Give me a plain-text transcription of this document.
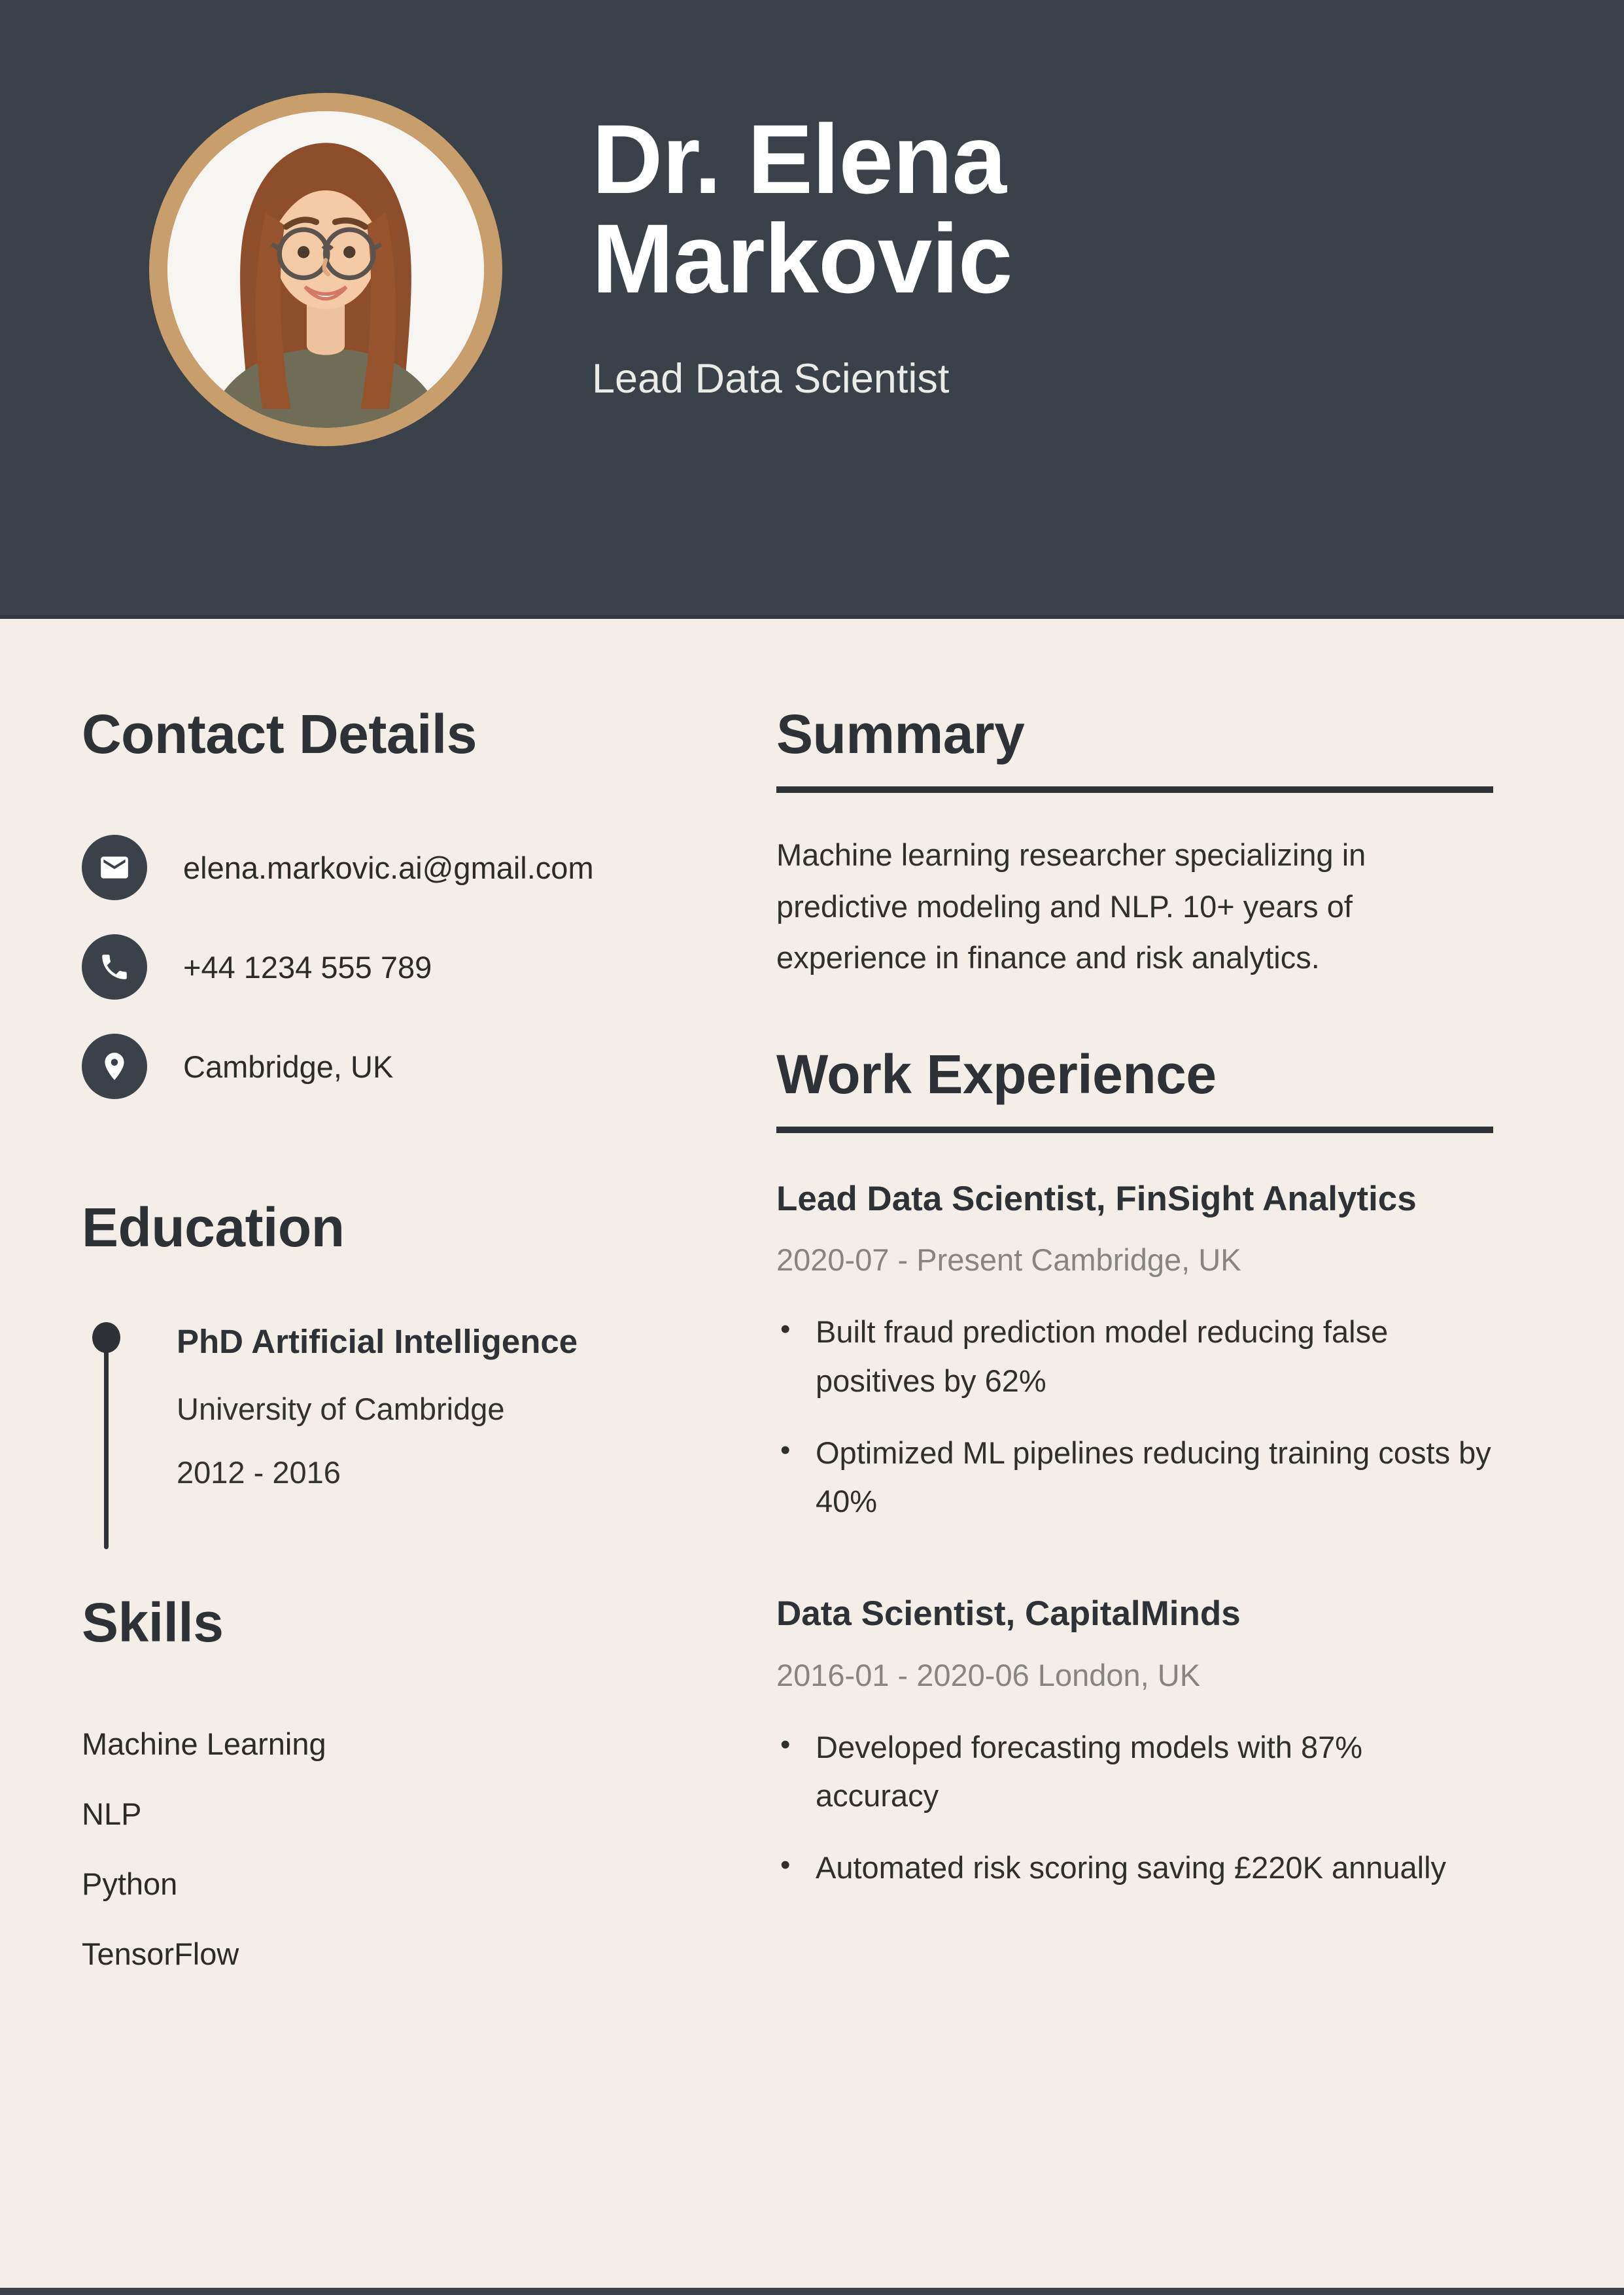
Dr. Elena
Markovic
Lead Data Scientist
Contact Details
elena.markovic.ai@gmail.com
+44 1234 555 789
Cambridge, UK
Education
PhD Artificial Intelligence
University of Cambridge
2012 - 2016
Skills
Machine Learning
NLP
Python
TensorFlow
Summary

Machine learning researcher specializing in predictive modeling and NLP. 10+ years of experience in finance and risk analytics.

Work Experience
Lead Data Scientist, FinSight Analytics
2020-07 - Present Cambridge, UK
• Built fraud prediction model reducing false positives by 62%
• Optimized ML pipelines reducing training costs by 40%
Data Scientist, CapitalMinds
2016-01 - 2020-06 London, UK
• Developed forecasting models with 87% accuracy
• Automated risk scoring saving £220K annually
